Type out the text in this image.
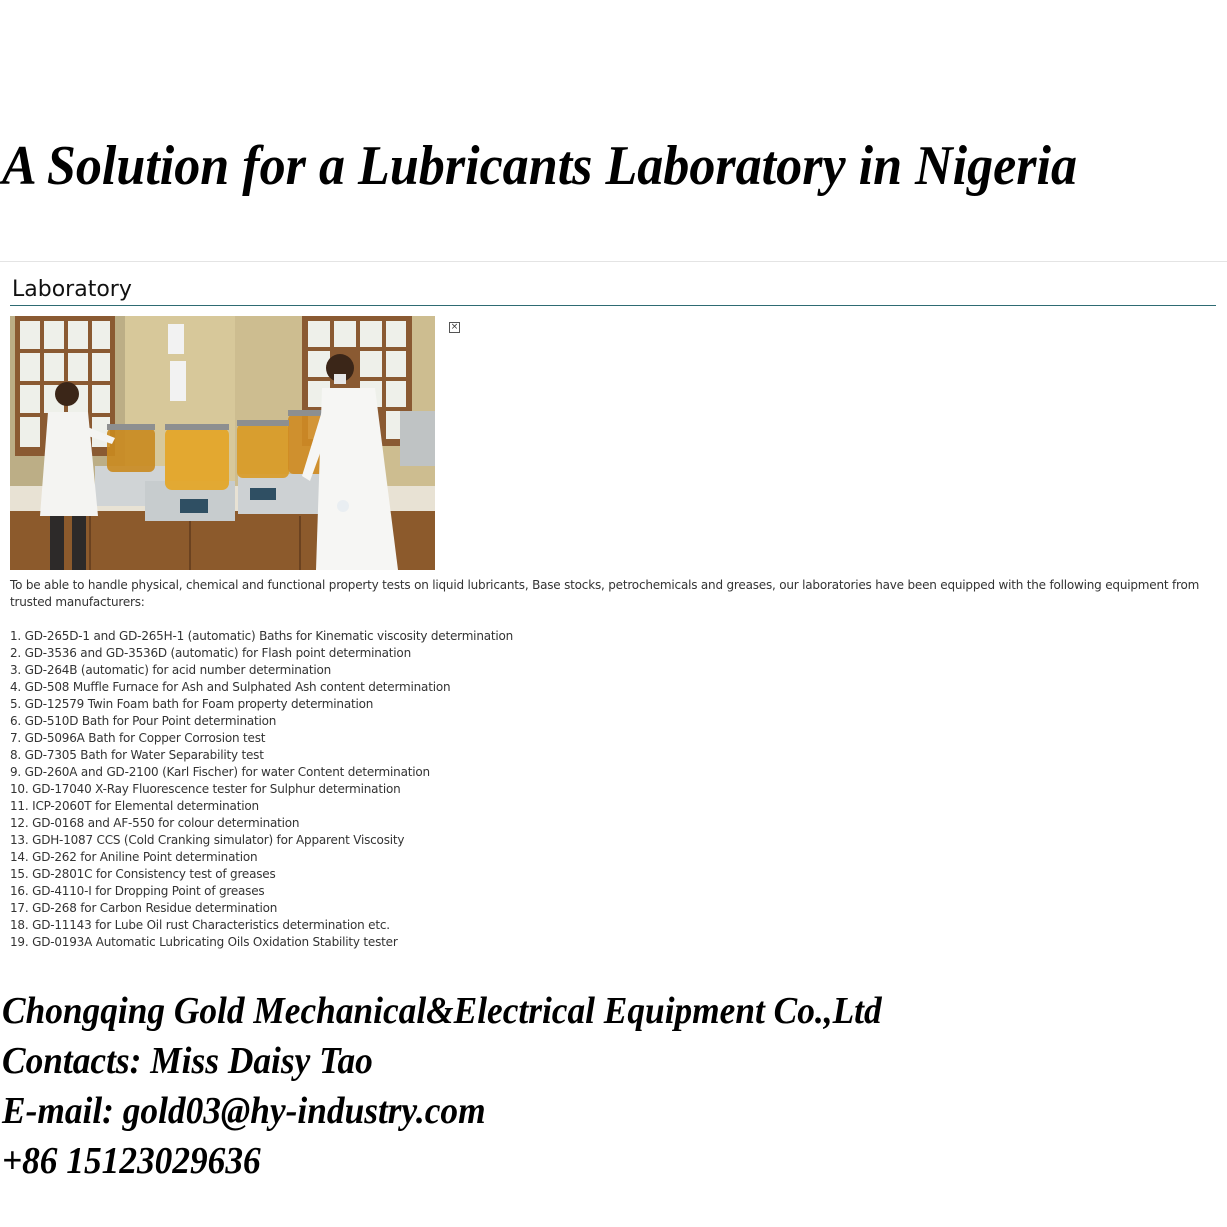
A Solution for a Lubricants Laboratory in Nigeria
Laboratory
×

To be able to handle physical, chemical and functional property tests on liquid lubricants, Base stocks, petrochemicals and greases, our laboratories have been equipped with the following equipment from trusted manufacturers:

1. GD-265D-1 and GD-265H-1 (automatic) Baths for Kinematic viscosity determination
2. GD-3536 and GD-3536D (automatic) for Flash point determination
3. GD-264B (automatic) for acid number determination
4. GD-508 Muffle Furnace for Ash and Sulphated Ash content determination
5. GD-12579 Twin Foam bath for Foam property determination
6. GD-510D Bath for Pour Point determination
7. GD-5096A Bath for Copper Corrosion test
8. GD-7305 Bath for Water Separability test
9. GD-260A and GD-2100 (Karl Fischer) for water Content determination
10. GD-17040 X-Ray Fluorescence tester for Sulphur determination
11. ICP-2060T for Elemental determination
12. GD-0168 and AF-550 for colour determination
13. GDH-1087 CCS (Cold Cranking simulator) for Apparent Viscosity
14. GD-262 for Aniline Point determination
15. GD-2801C for Consistency test of greases
16. GD-4110-I for Dropping Point of greases
17. GD-268 for Carbon Residue determination
18. GD-11143 for Lube Oil rust Characteristics determination etc.
19. GD-0193A Automatic Lubricating Oils Oxidation Stability tester
Chongqing Gold Mechanical&Electrical Equipment Co.,Ltd
Contacts: Miss Daisy Tao
E-mail: gold03@hy-industry.com
+86 15123029636
